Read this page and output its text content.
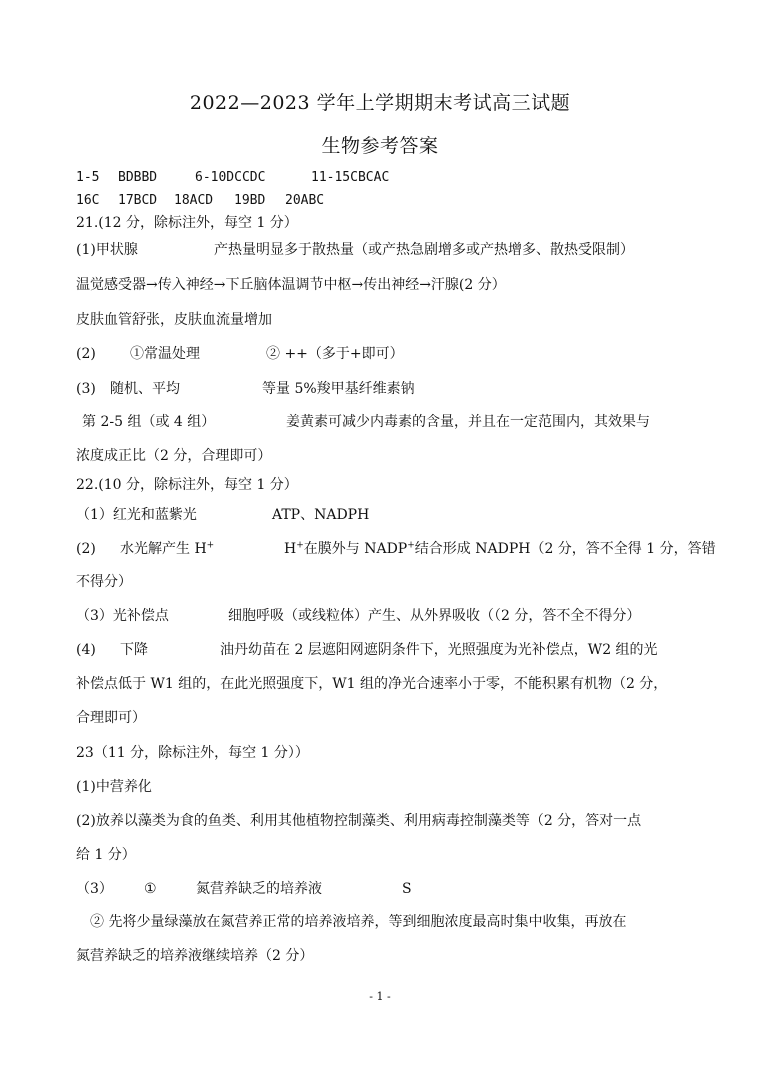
2022—2023 学年上学期期末考试高三试题
生物参考答案
1-5 BDBBD	6-10DCCDC	11-15CBCAC
16C 17BCD 18ACD 19BD 20ABC
21.(12 分，除标注外，每空 1 分）
(1)甲状腺	产热量明显多于散热量（或产热急剧增多或产热增多、散热受限制）
温觉感受器→传入神经→下丘脑体温调节中枢→传出神经→汗腺(2 分）
皮肤血管舒张，皮肤血流量增加
(2) ①常温处理	② ++（多于+即可）
(3) 随机、平均	等量 5%羧甲基纤维素钠
第 2-5 组（或 4 组）	姜黄素可减少内毒素的含量，并且在一定范围内，其效果与
浓度成正比（2 分，合理即可）
22.(10 分，除标注外，每空 1 分）
（1）红光和蓝紫光	ATP、NADPH
(2) 水光解产生 H+	H+在膜外与 NADP+结合形成 NADPH（2 分，答不全得 1 分，答错
不得分）
（3）光补偿点	细胞呼吸（或线粒体）产生、从外界吸收（（2 分，答不全不得分）
(4) 下降	油丹幼苗在 2 层遮阳网遮阴条件下，光照强度为光补偿点，W2 组的光
补偿点低于 W1 组的，在此光照强度下，W1 组的净光合速率小于零，不能积累有机物（2 分，
合理即可）
23（11 分，除标注外，每空 1 分））
(1)中营养化
(2)放养以藻类为食的鱼类、利用其他植物控制藻类、利用病毒控制藻类等（2 分，答对一点
给 1 分）
（3） ①	氮营养缺乏的培养液	S
② 先将少量绿藻放在氮营养正常的培养液培养，等到细胞浓度最高时集中收集，再放在
氮营养缺乏的培养液继续培养（2 分）
- 1 -
